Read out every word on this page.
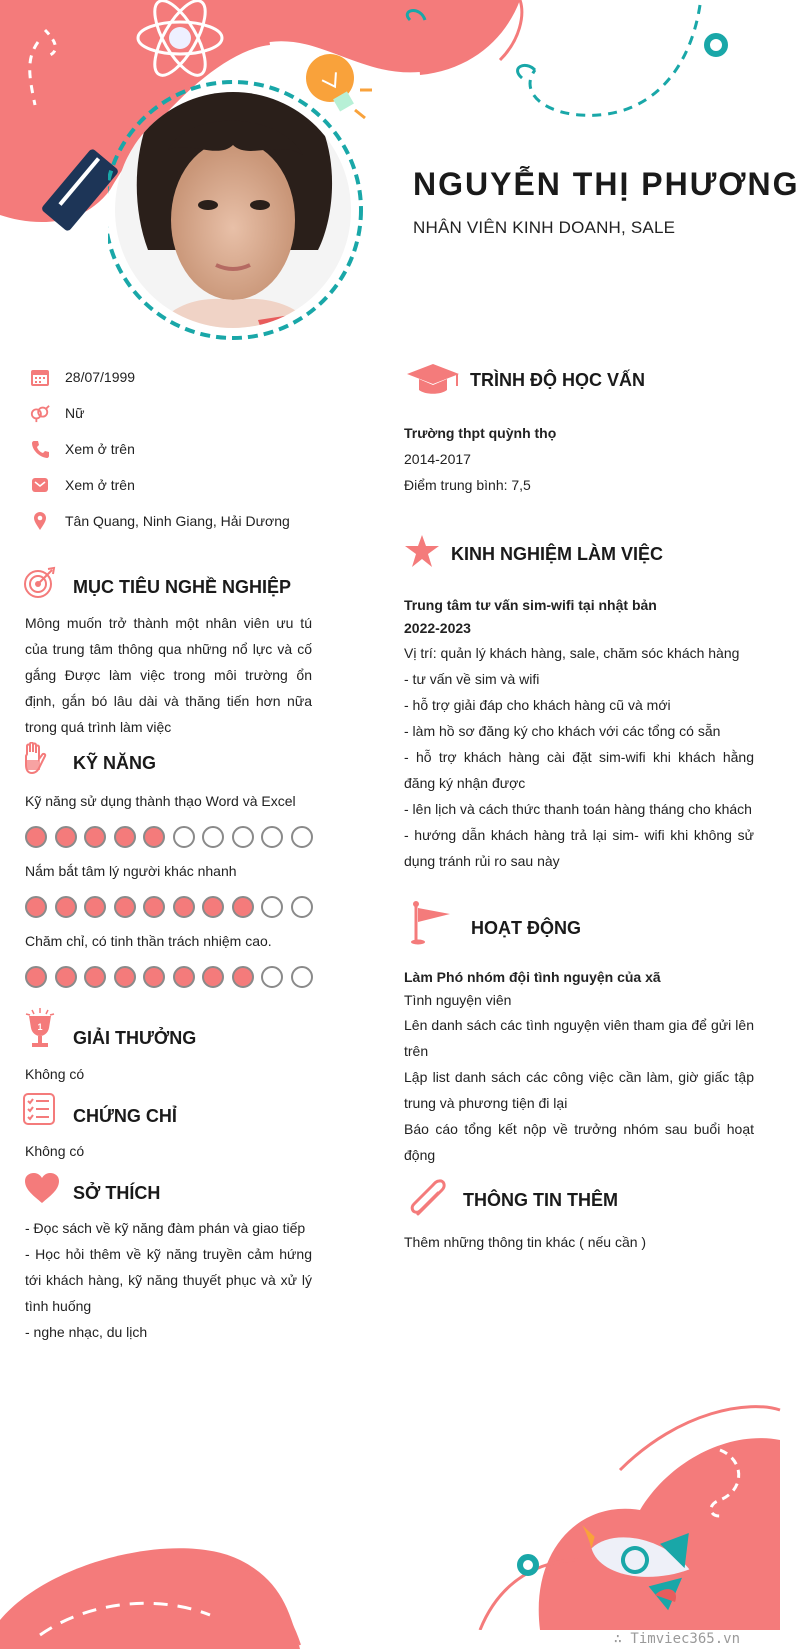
NGUYỄN THỊ PHƯƠNG
NHÂN VIÊN KINH DOANH, SALE
28/07/1999
Nữ
Xem ở trên
Xem ở trên
Tân Quang, Ninh Giang, Hải Dương
MỤC TIÊU NGHỀ NGHIỆP
Mông muốn trở thành một nhân viên ưu tú của trung tâm thông qua những nổ lực và cố gắng Được làm việc trong môi trường ổn định, gắn bó lâu dài và thăng tiến hơn nữa trong quá trình làm việc
KỸ NĂNG
Kỹ năng sử dụng thành thạo Word và Excel
Nắm bắt tâm lý người khác nhanh
Chăm chỉ, có tinh thần trách nhiệm cao.
1
GIẢI THƯỞNG
Không có
CHỨNG CHỈ
Không có
SỞ THÍCH

- Đọc sách về kỹ năng đàm phán và giao tiếp

- Học hỏi thêm về kỹ năng truyền cảm hứng tới khách hàng, kỹ năng thuyết phục và xử lý tình huống

- nghe nhạc, du lịch

TRÌNH ĐỘ HỌC VẤN

Trường thpt quỳnh thọ

2014-2017

Điểm trung bình: 7,5

KINH NGHIỆM LÀM VIỆC

Trung tâm tư vấn sim-wifi tại nhật bản

2022-2023

Vị trí: quản lý khách hàng, sale, chăm sóc khách hàng

- tư vấn về sim và wifi

- hỗ trợ giải đáp cho khách hàng cũ và mới

- làm hồ sơ đăng ký cho khách với các tổng có sẵn

- hỗ trợ khách hàng cài đặt sim-wifi khi khách hằng đăng ký nhận được

- lên lịch và cách thức thanh toán hàng tháng cho khách

- hướng dẫn khách hàng trả lại sim- wifi khi không sử dụng tránh rủi ro sau này

HOẠT ĐỘNG

Làm Phó nhóm đội tình nguyện của xã

Tình nguyện viên

Lên danh sách các tình nguyện viên tham gia để gửi lên trên

Lập list danh sách các công việc cần làm, giờ giấc tập trung và phương tiện đi lại

Báo cáo tổng kết nộp về trưởng nhóm sau buổi hoạt động

THÔNG TIN THÊM
Thêm những thông tin khác ( nếu cần )
∴ Timviec365.vn
